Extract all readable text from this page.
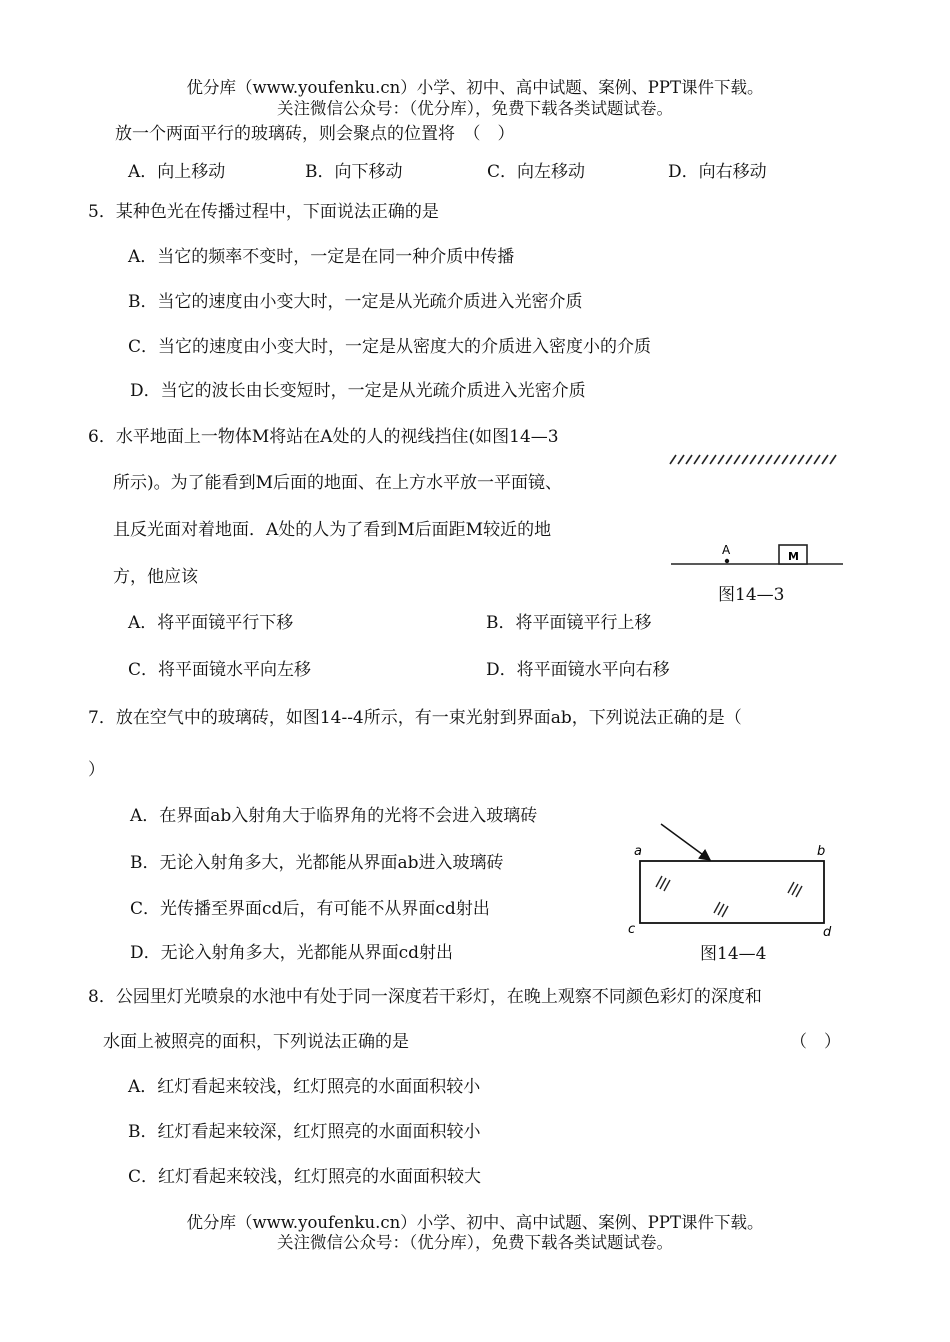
优分库（www.youfenku.cn）小学、初中、高中试题、案例、PPT课件下载。
关注微信公众号：（优分库），免费下载各类试题试卷。
放一个两面平行的玻璃砖，则会聚点的位置将　（　）
A．向上移动	B．向下移动	C．向左移动	D．向右移动
5．某种色光在传播过程中，下面说法正确的是
A．当它的频率不变时，一定是在同一种介质中传播
B．当它的速度由小变大时，一定是从光疏介质进入光密介质
C．当它的速度由小变大时，一定是从密度大的介质进入密度小的介质
D．当它的波长由长变短时，一定是从光疏介质进入光密介质
6．水平地面上一物体M将站在A处的人的视线挡住(如图14—3
所示)。为了能看到M后面的地面、在上方水平放一平面镜、
且反光面对着地面．A处的人为了看到M后面距M较近的地
方，他应该
A	M
图14—3
A．将平面镜平行下移	B．将平面镜平行上移
C．将平面镜水平向左移	D．将平面镜水平向右移
7．放在空气中的玻璃砖，如图14--4所示，有一束光射到界面ab，下列说法正确的是（
）
A．在界面ab入射角大于临界角的光将不会进入玻璃砖
B．无论入射角多大，光都能从界面ab进入玻璃砖
C．光传播至界面cd后，有可能不从界面cd射出
D．无论入射角多大，光都能从界面cd射出
a	b
c	d
图14—4
8．公园里灯光喷泉的水池中有处于同一深度若干彩灯，在晚上观察不同颜色彩灯的深度和
水面上被照亮的面积，下列说法正确的是	（　）
A．红灯看起来较浅，红灯照亮的水面面积较小
B．红灯看起来较深，红灯照亮的水面面积较小
C．红灯看起来较浅，红灯照亮的水面面积较大
优分库（www.youfenku.cn）小学、初中、高中试题、案例、PPT课件下载。
关注微信公众号：（优分库），免费下载各类试题试卷。
